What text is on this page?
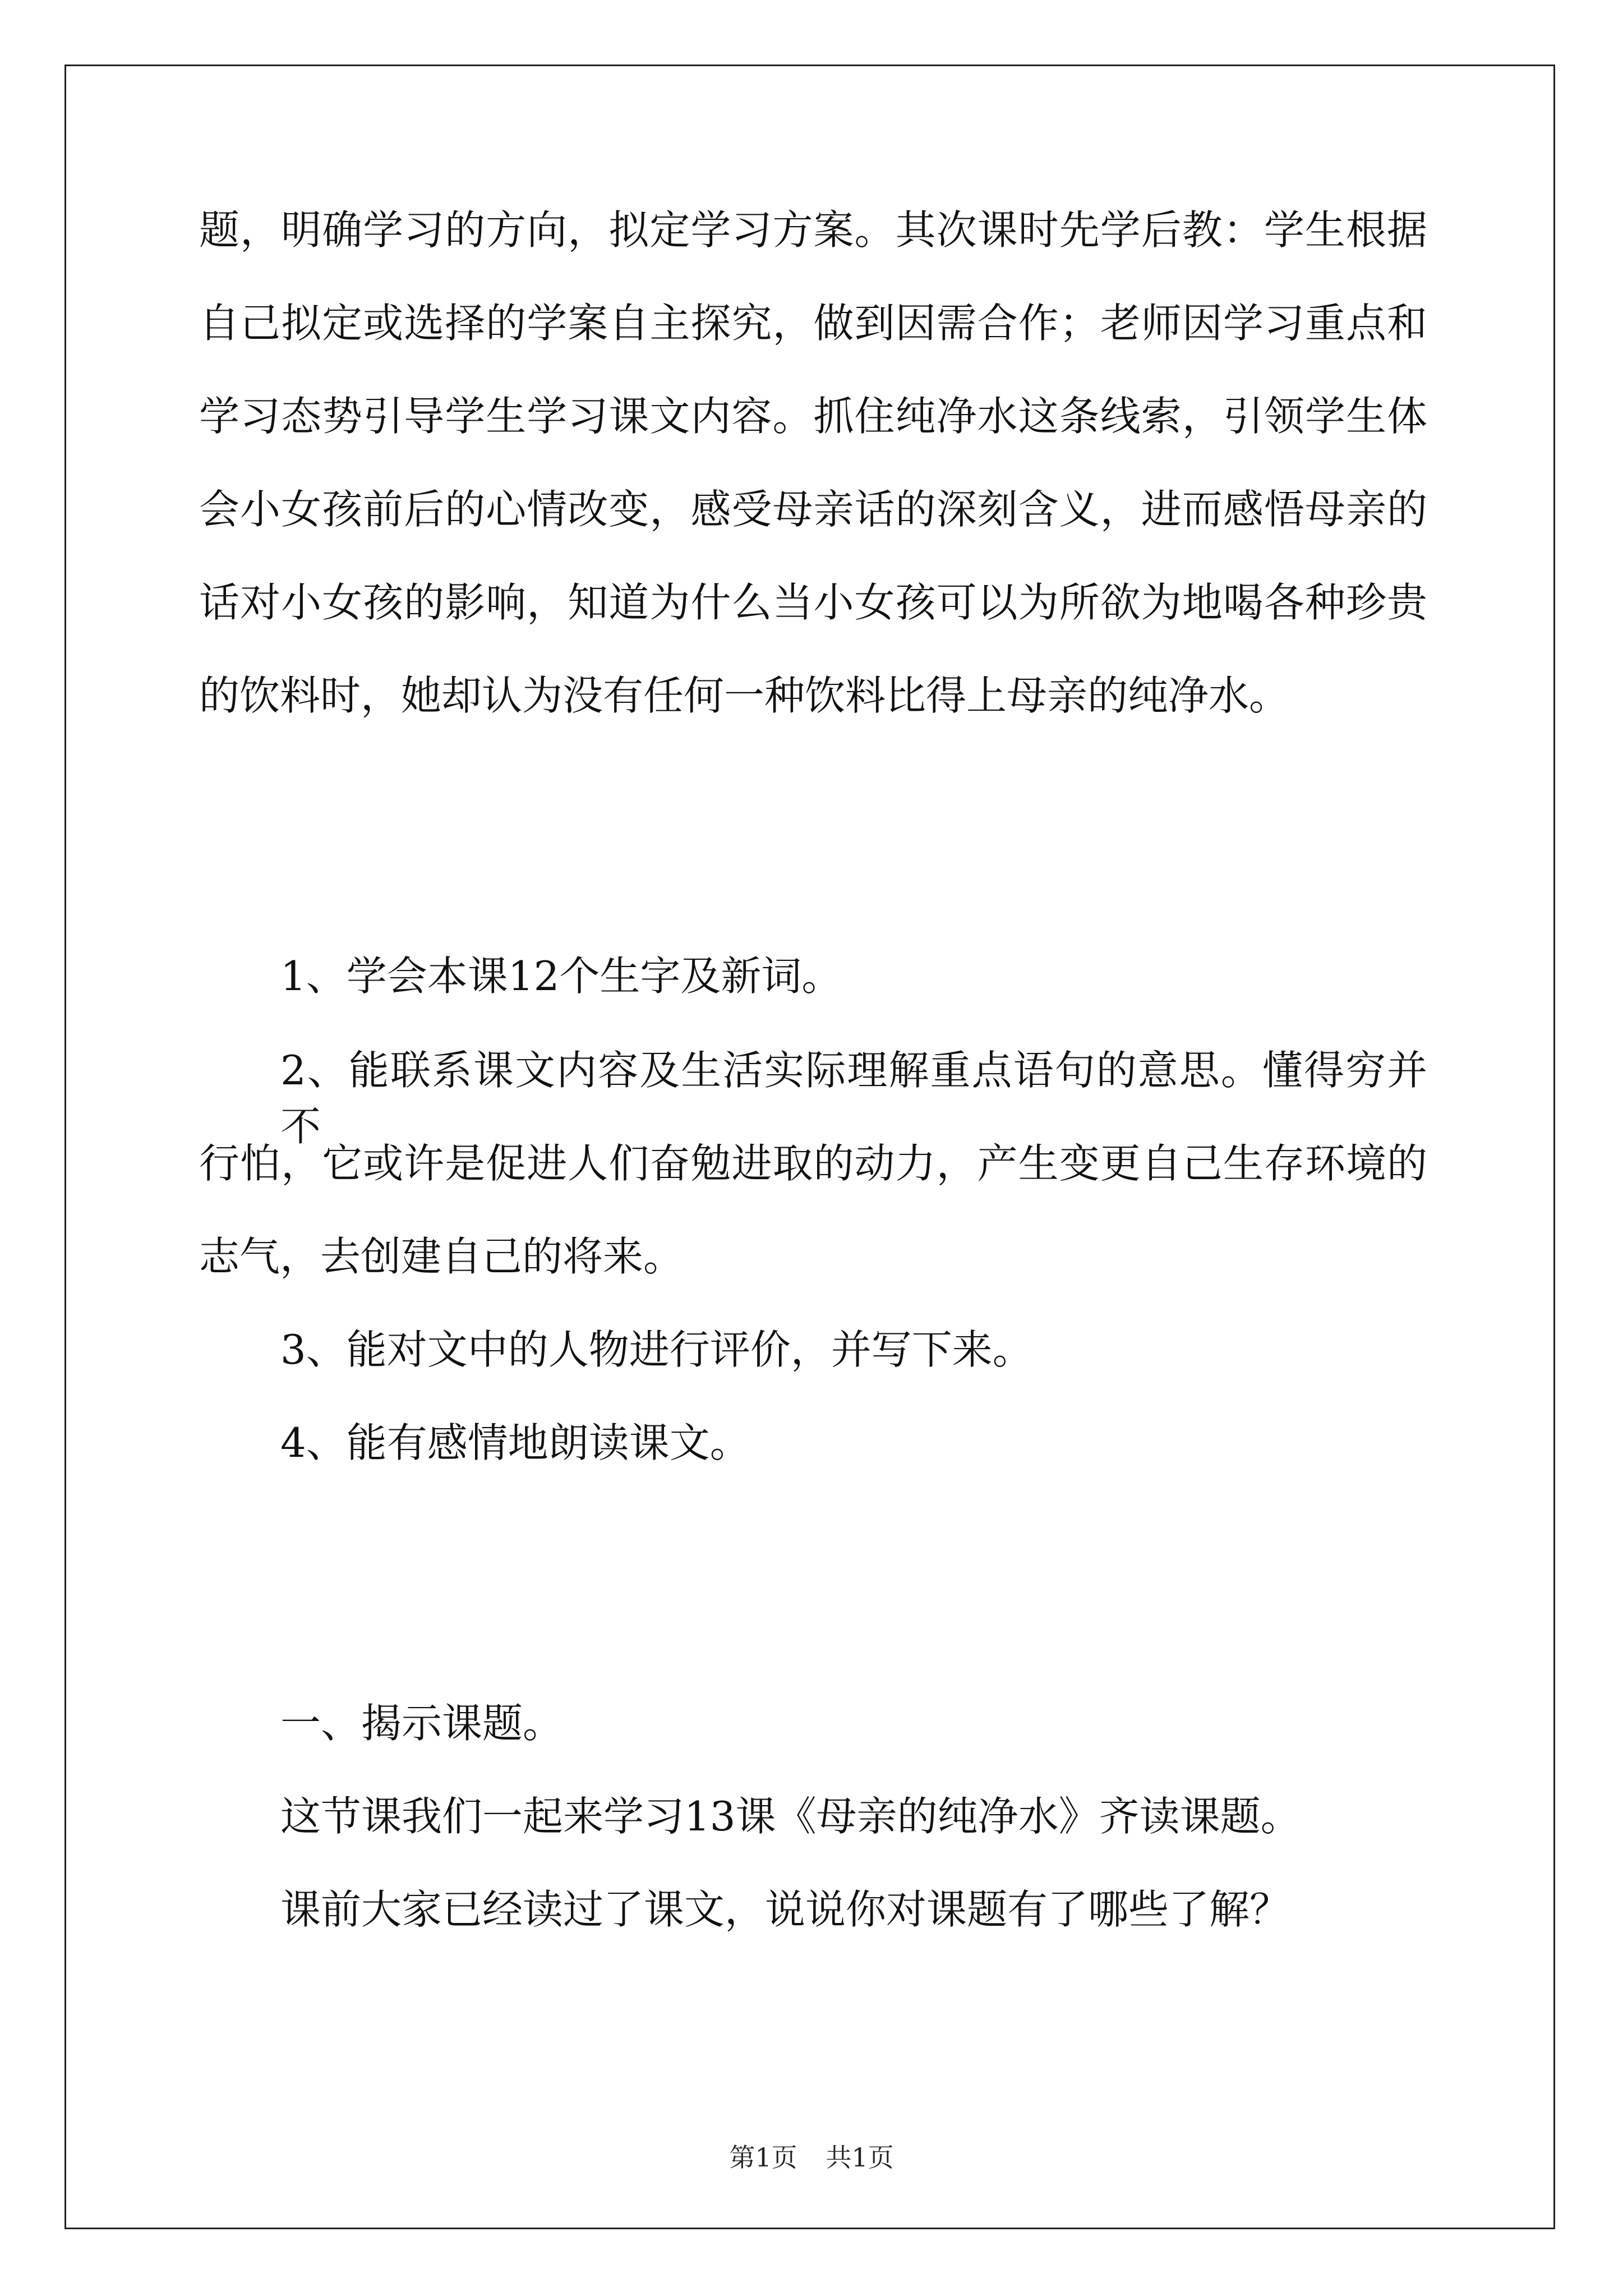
题，明确学习的方向，拟定学习方案。其次课时先学后教：学生根据
自己拟定或选择的学案自主探究，做到因需合作；老师因学习重点和
学习态势引导学生学习课文内容。抓住纯净水这条线索，引领学生体
会小女孩前后的心情改变，感受母亲话的深刻含义，进而感悟母亲的
话对小女孩的影响，知道为什么当小女孩可以为所欲为地喝各种珍贵
的饮料时，她却认为没有任何一种饮料比得上母亲的纯净水。
1、学会本课12个生字及新词。
2、能联系课文内容及生活实际理解重点语句的意思。懂得穷并不
行怕，它或许是促进人们奋勉进取的动力，产生变更自己生存环境的
志气，去创建自己的将来。
3、能对文中的人物进行评价，并写下来。
4、能有感情地朗读课文。
一、揭示课题。
这节课我们一起来学习13课《母亲的纯净水》齐读课题。
课前大家已经读过了课文，说说你对课题有了哪些了解？
第1页 共1页
